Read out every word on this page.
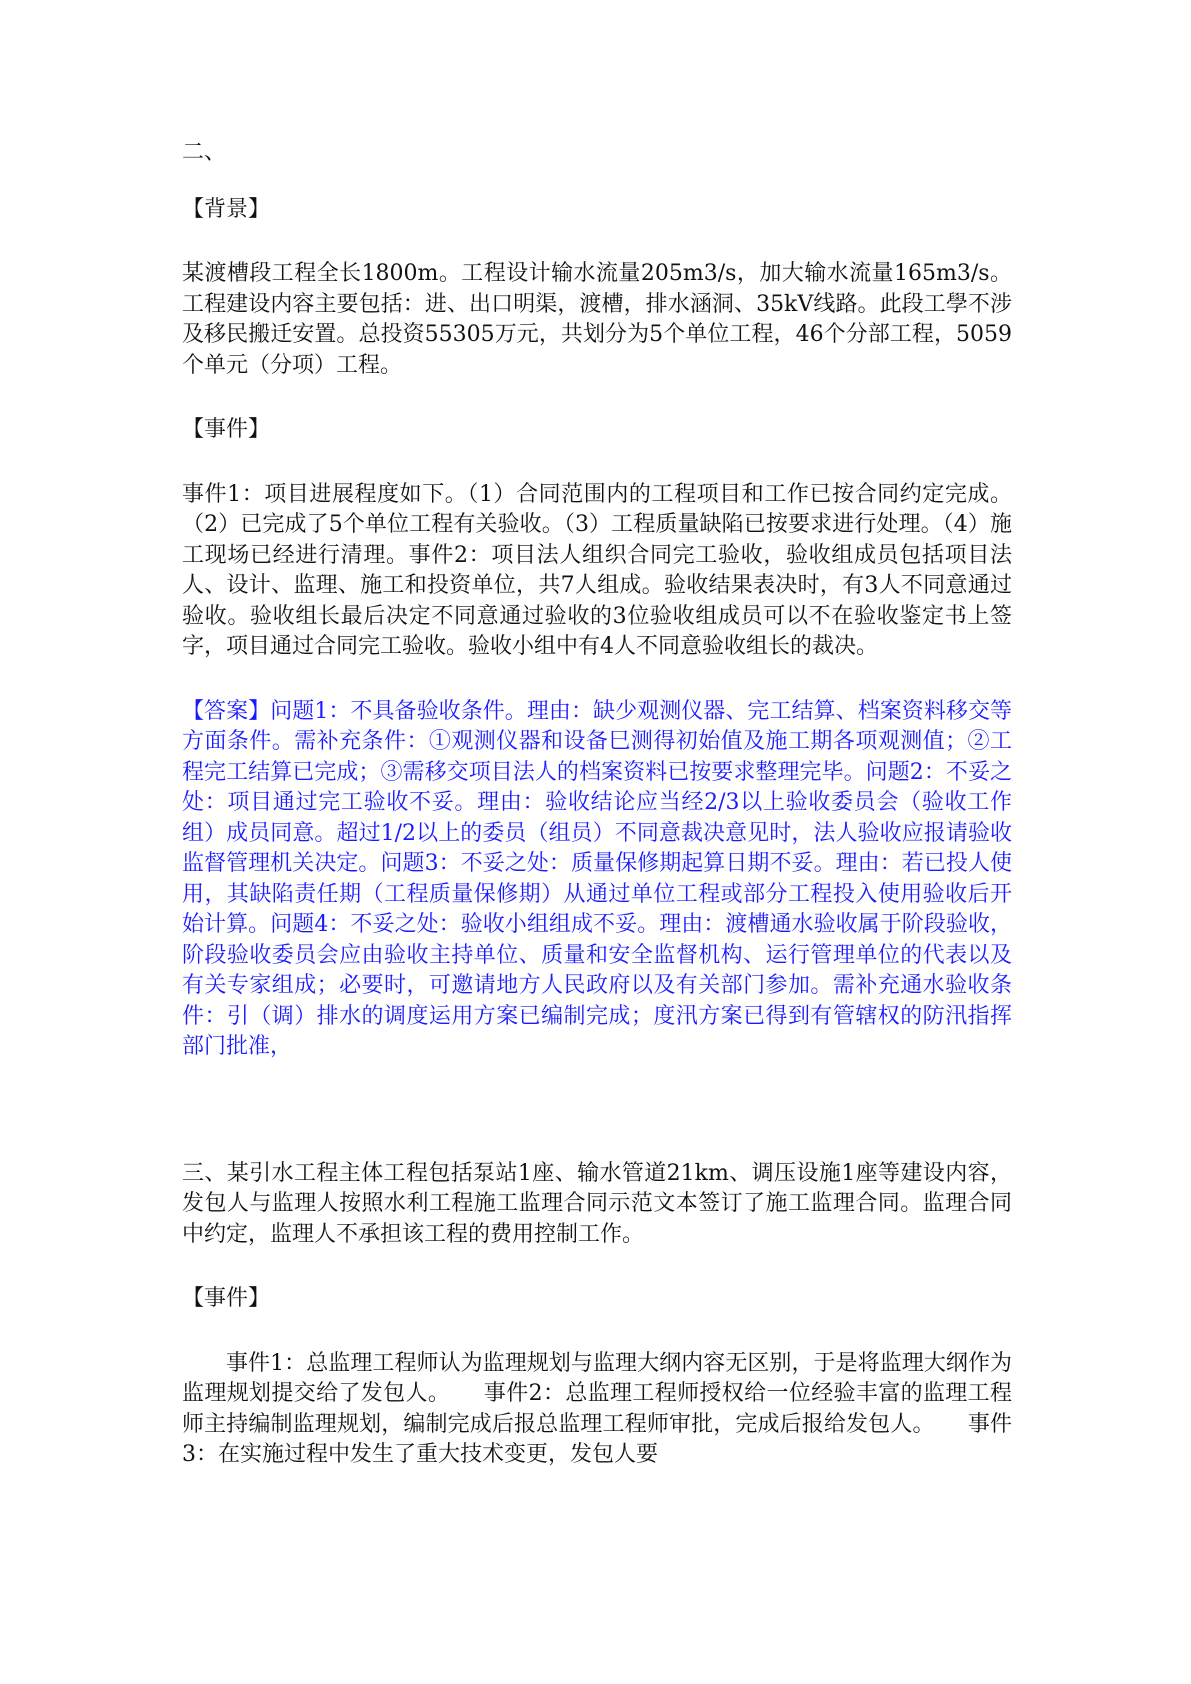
二、

【背景】

某渡槽段工程全长1800m。工程设计输水流量205m3/s，加大输水流量165m3/s。工程建设内容主要包括：进、出口明渠，渡槽，排水涵洞、35kV线路。此段工學不涉及移民搬迁安置。总投资55305万元，共划分为5个单位工程，46个分部工程，5059个单元（分项）工程。

【事件】

事件1：项目进展程度如下。（1）合同范围内的工程项目和工作已按合同约定完成。（2）已完成了5个单位工程有关验收。（3）工程质量缺陷已按要求进行处理。（4）施工现场已经进行清理。事件2：项目法人组织合同完工验收，验收组成员包括项目法人、设计、监理、施工和投资单位，共7人组成。验收结果表决时，有3人不同意通过验收。验收组长最后决定不同意通过验收的3位验收组成员可以不在验收鉴定书上签字，项目通过合同完工验收。验收小组中有4人不同意验收组长的裁决。

【答案】问题1：不具备验收条件。理由：缺少观测仪器、完工结算、档案资料移交等方面条件。需补充条件：①观测仪器和设备巳测得初始值及施工期各项观测值；②工程完工结算已完成；③需移交项目法人的档案资料已按要求整理完毕。问题2：不妥之处：项目通过完工验收不妥。理由：验收结论应当经2/3以上验收委员会（验收工作组）成员同意。超过1/2以上的委员（组员）不同意裁决意见时，法人验收应报请验收监督管理机关决定。问题3：不妥之处：质量保修期起算日期不妥。理由：若已投人使用，其缺陷责任期（工程质量保修期）从通过单位工程或部分工程投入使用验收后开始计算。问题4：不妥之处：验收小组组成不妥。理由：渡槽通水验收属于阶段验收，阶段验收委员会应由验收主持单位、质量和安全监督机构、运行管理单位的代表以及有关专家组成；必要时，可邀请地方人民政府以及有关部门参加。需补充通水验收条件：引（调）排水的调度运用方案已编制完成；度汛方案已得到有管辖权的防汛指挥部门批准，

三、某引水工程主体工程包括泵站1座、输水管道21km、调压设施1座等建设内容，发包人与监理人按照水利工程施工监理合同示范文本签订了施工监理合同。监理合同中约定，监理人不承担该工程的费用控制工作。

【事件】

事件1：总监理工程师认为监理规划与监理大纲内容无区别，于是将监理大纲作为监理规划提交给了发包人。　　事件2：总监理工程师授权给一位经验丰富的监理工程师主持编制监理规划，编制完成后报总监理工程师审批，完成后报给发包人。　　事件3：在实施过程中发生了重大技术变更，发包人要
